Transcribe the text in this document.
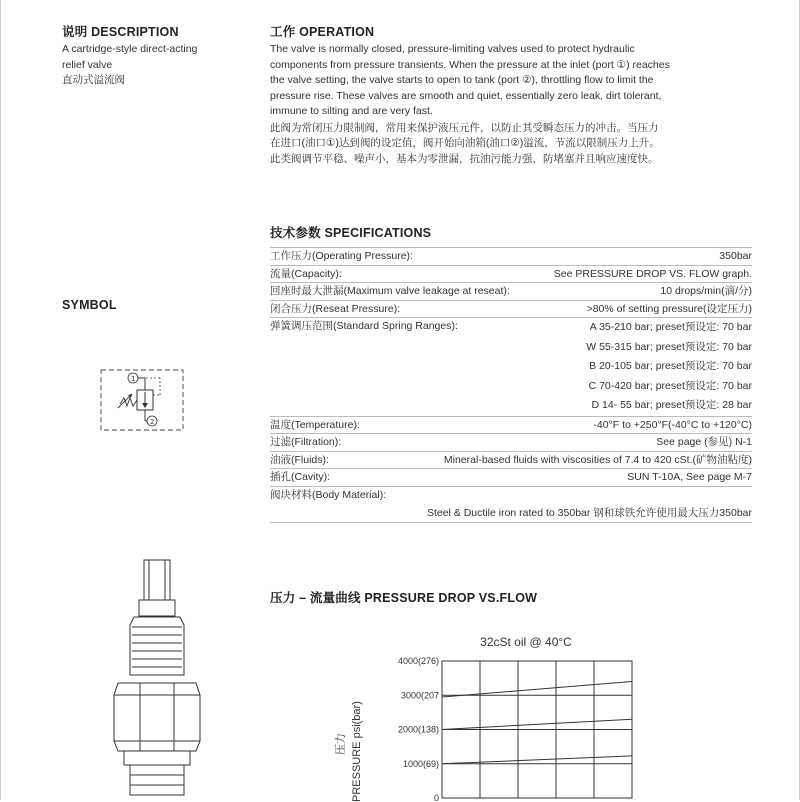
说明 DESCRIPTION
A cartridge-style direct-acting
relief valve
直动式溢流阀
工作 OPERATION
The valve is normally closed, pressure-limiting valves used to protect hydraulic
components from pressure transients. When the pressure at the inlet (port ①) reaches
the valve setting, the valve starts to open to tank (port ②), throttling flow to limit the
pressure rise. These valves are smooth and quiet, essentially zero leak, dirt tolerant,
immune to silting and are very fast.
此阀为常闭压力限制阀，常用来保护液压元件，以防止其受瞬态压力的冲击。当压力
在进口(油口①)达到阀的设定值，阀开始向油箱(油口②)溢流，节流以限制压力上升。
此类阀调节平稳、噪声小，基本为零泄漏，抗油污能力强，防堵塞并且响应速度快。
SYMBOL
1
2
技术参数 SPECIFICATIONS
工作压力(Operating Pressure):	350bar
流量(Capacity):	See PRESSURE DROP VS. FLOW graph.
回座时最大泄漏(Maximum valve leakage at reseat):	10 drops/min(滴/分)
闭合压力(Reseat Pressure):	>80% of setting pressure(设定压力)
弹簧调压范围(Standard Spring Ranges):	A 35-210 bar; preset预设定: 70 bar
W 55-315 bar; preset预设定: 70 bar
B 20-105 bar; preset预设定: 70 bar
C 70-420 bar; preset预设定: 70 bar
D 14- 55 bar; preset预设定: 28 bar
温度(Temperature):	-40°F to +250°F(-40°C to +120°C)
过滤(Filtration):	See page (参见) N-1
油液(Fluids):	Mineral-based fluids with viscosities of 7.4 to 420 cSt.(矿物油粘度)
插孔(Cavity):	SUN T-10A, See page M-7
阀块材料(Body Material):
Steel & Ductile iron rated to 350bar 钢和球铁允许使用最大压力350bar
压力 – 流量曲线 PRESSURE DROP VS.FLOW
32cSt oil @ 40°C
4000(276)
3000(207
2000(138)
1000(69)
0
PRESSURE psi(bar)
压力
